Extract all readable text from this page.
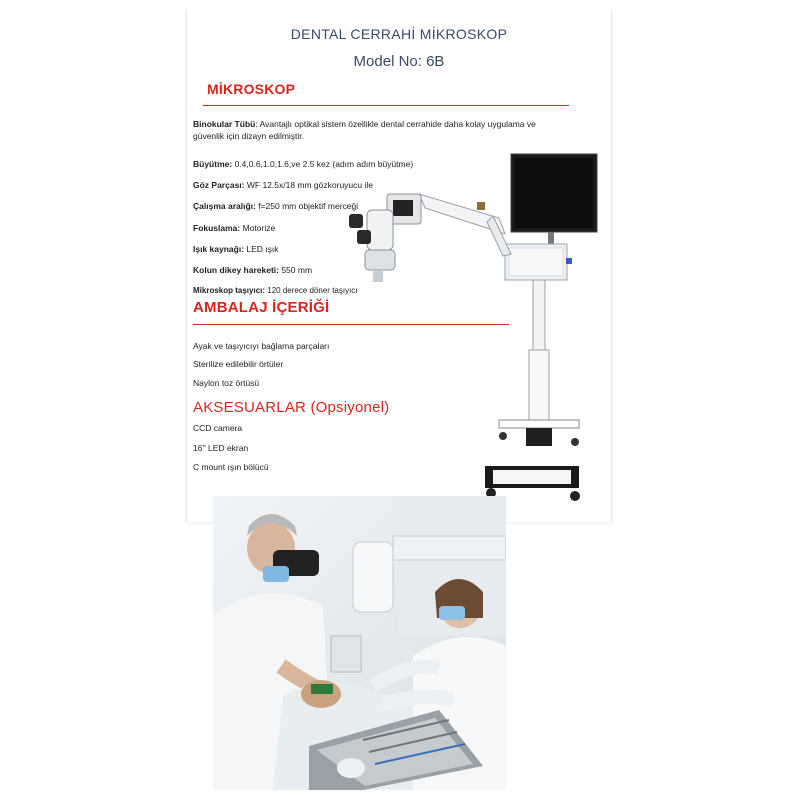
DENTAL CERRAHİ MİKROSKOP
Model No: 6B
MİKROSKOP
Binokular Tübü: Avantajlı optikal sistem özellikle dental cerrahide daha kolay uygulama ve güvenlik için dizayn edilmiştir.
Büyütme: 0.4,0.6,1.0,1.6,ve 2.5 kez (adım adım büyütme)
Göz Parçası: WF 12.5x/18 mm gözkoruyucu ile
Çalışma aralığı: f=250 mm objektif merceği
Fokuslama: Motorize
Işık kaynağı: LED ışık
Kolun dikey hareketi: 550 mm
Mikroskop taşıyıcı: 120 derece döner taşıyıcı
AMBALAJ İÇERİĞİ
Ayak ve taşıyıcıyı bağlama parçaları
Sterilize edilebilir örtüler
Naylon toz örtüsü
AKSESUARLAR (Opsiyonel)
CCD camera
16'' LED ekran
C mount ışın bölücü
